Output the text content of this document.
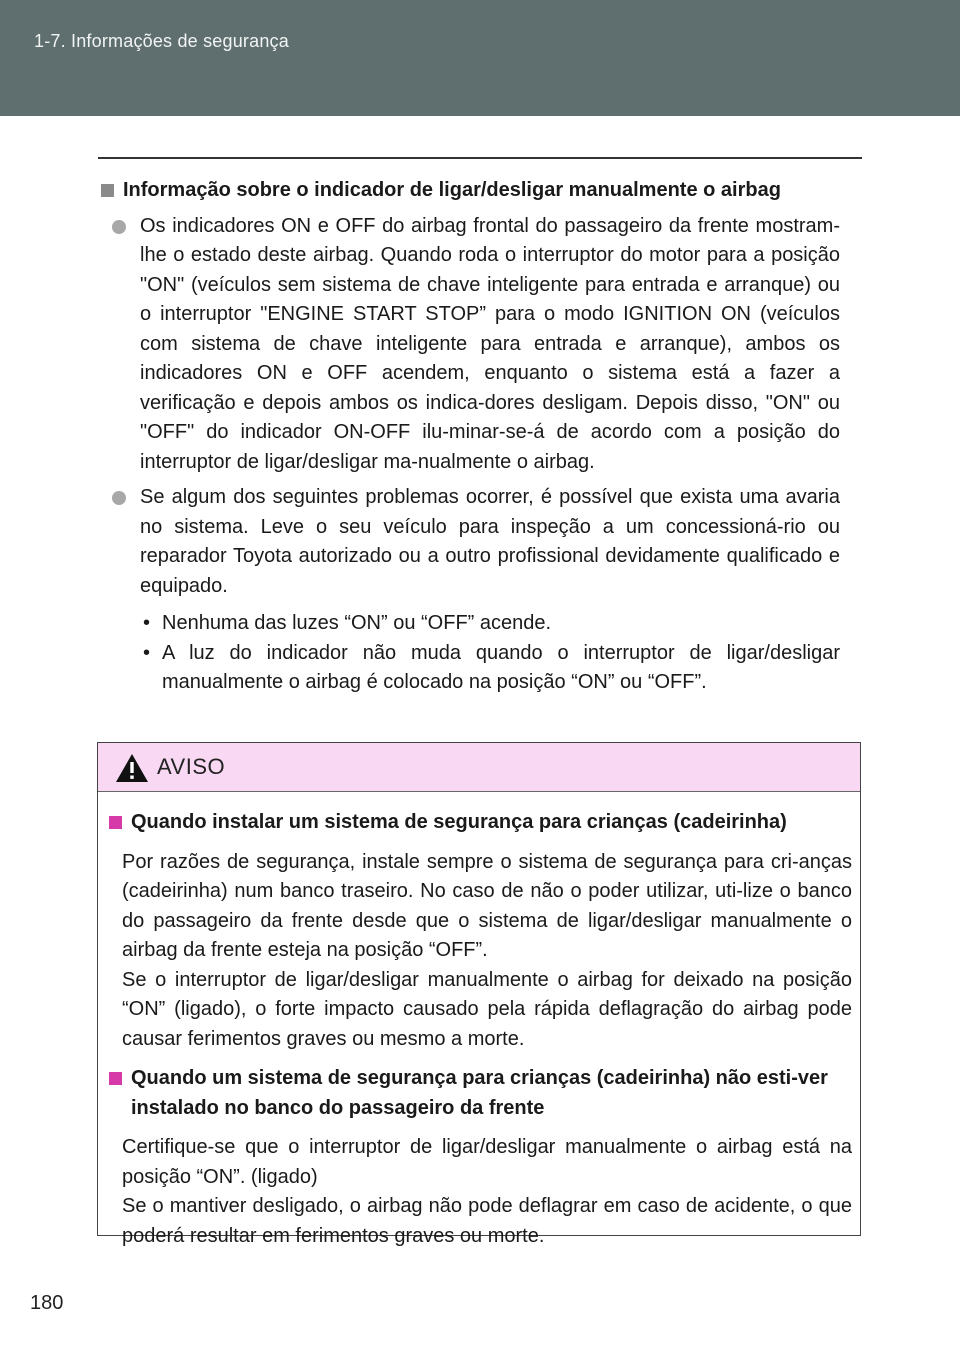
1-7. Informações de segurança
Informação sobre o indicador de ligar/desligar manualmente o airbag
Os indicadores ON e OFF do airbag frontal do passageiro da frente mostram-lhe o estado deste airbag. Quando roda o interruptor do motor para a posição "ON" (veículos sem sistema de chave inteligente para entrada e arranque) ou o interruptor "ENGINE START STOP” para o modo IGNITION ON (veículos com sistema de chave inteligente para entrada e arranque), ambos os indicadores ON e OFF acendem, enquanto o sistema está a fazer a verificação e depois ambos os indica-dores desligam. Depois disso, "ON" ou "OFF" do indicador ON-OFF ilu-minar-se-á de acordo com a posição do interruptor de ligar/desligar ma-nualmente o airbag.
Se algum dos seguintes problemas ocorrer, é possível que exista uma avaria no sistema. Leve o seu veículo para inspeção a um concessioná-rio ou reparador Toyota autorizado ou a outro profissional devidamente qualificado e equipado.
• Nenhuma das luzes “ON” ou “OFF” acende.
• A luz do indicador não muda quando o interruptor de ligar/desligar manualmente o airbag é colocado na posição “ON” ou “OFF”.
AVISO
Quando instalar um sistema de segurança para crianças (cadeirinha)

Por razões de segurança, instale sempre o sistema de segurança para cri-anças (cadeirinha) num banco traseiro. No caso de não o poder utilizar, uti-lize o banco do passageiro da frente desde que o sistema de ligar/desligar manualmente o airbag da frente esteja na posição “OFF”.

Se o interruptor de ligar/desligar manualmente o airbag for deixado na posição “ON” (ligado), o forte impacto causado pela rápida deflagração do airbag pode causar ferimentos graves ou mesmo a morte.

Quando um sistema de segurança para crianças (cadeirinha) não esti-ver instalado no banco do passageiro da frente

Certifique-se que o interruptor de ligar/desligar manualmente o airbag está na posição “ON”. (ligado)

Se o mantiver desligado, o airbag não pode deflagrar em caso de acidente, o que poderá resultar em ferimentos graves ou morte.

180
